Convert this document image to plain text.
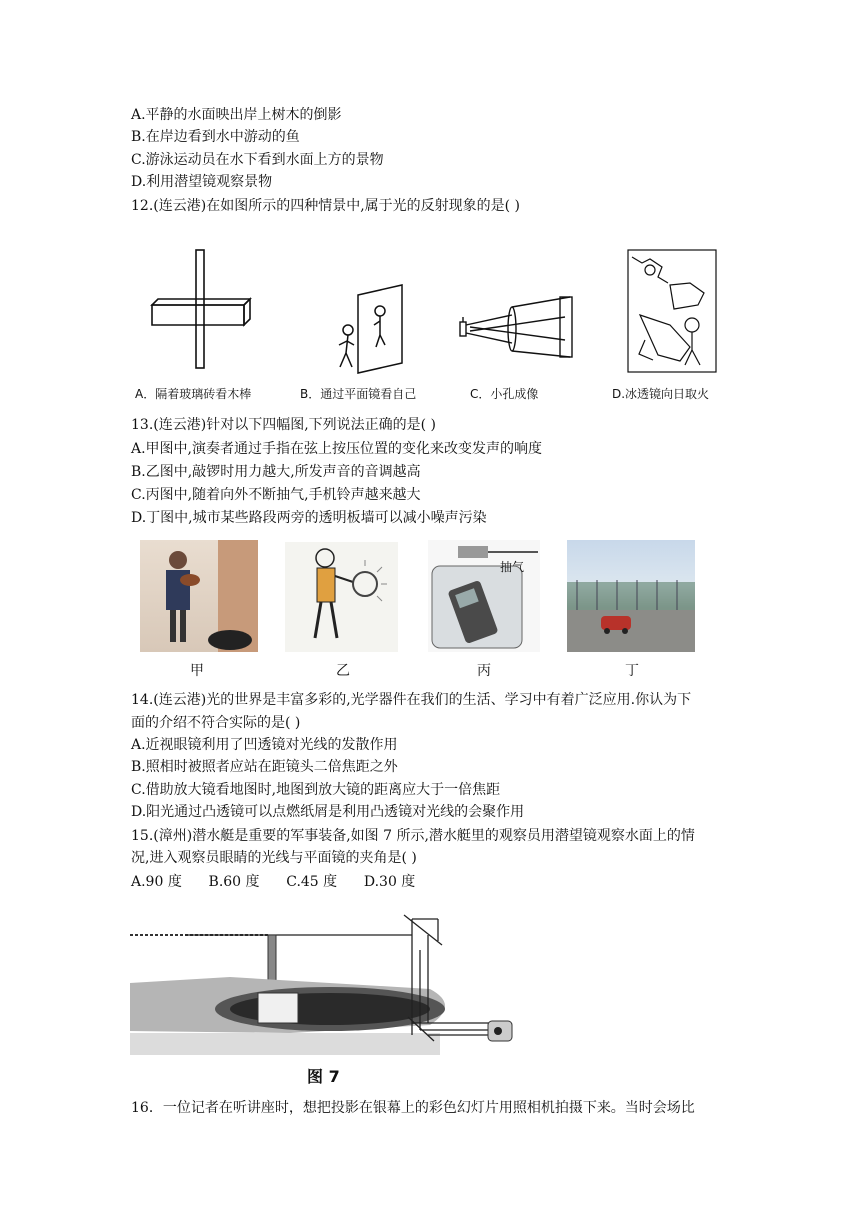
A.平静的水面映出岸上树木的倒影
B.在岸边看到水中游动的鱼
C.游泳运动员在水下看到水面上方的景物
D.利用潜望镜观察景物
12.(连云港)在如图所示的四种情景中,属于光的反射现象的是( )
A．隔着玻璃砖看木棒	B．通过平面镜看自己	C．小孔成像	D.冰透镜向日取火
13.(连云港)针对以下四幅图,下列说法正确的是( )
A.甲图中,演奏者通过手指在弦上按压位置的变化来改变发声的响度
B.乙图中,敲锣时用力越大,所发声音的音调越高
C.丙图中,随着向外不断抽气,手机铃声越来越大
D.丁图中,城市某些路段两旁的透明板墙可以减小噪声污染
抽气
甲	乙	丙	丁
14.(连云港)光的世界是丰富多彩的,光学器件在我们的生活、学习中有着广泛应用.你认为下
面的介绍不符合实际的是( )
A.近视眼镜利用了凹透镜对光线的发散作用
B.照相时被照者应站在距镜头二倍焦距之外
C.借助放大镜看地图时,地图到放大镜的距离应大于一倍焦距
D.阳光通过凸透镜可以点燃纸屑是利用凸透镜对光线的会聚作用
15.(漳州)潜水艇是重要的军事装备,如图 7 所示,潜水艇里的观察员用潜望镜观察水面上的情
况,进入观察员眼睛的光线与平面镜的夹角是( )
A.90 度      B.60 度      C.45 度      D.30 度
图 7
16．一位记者在听讲座时，想把投影在银幕上的彩色幻灯片用照相机拍摄下来。当时会场比
